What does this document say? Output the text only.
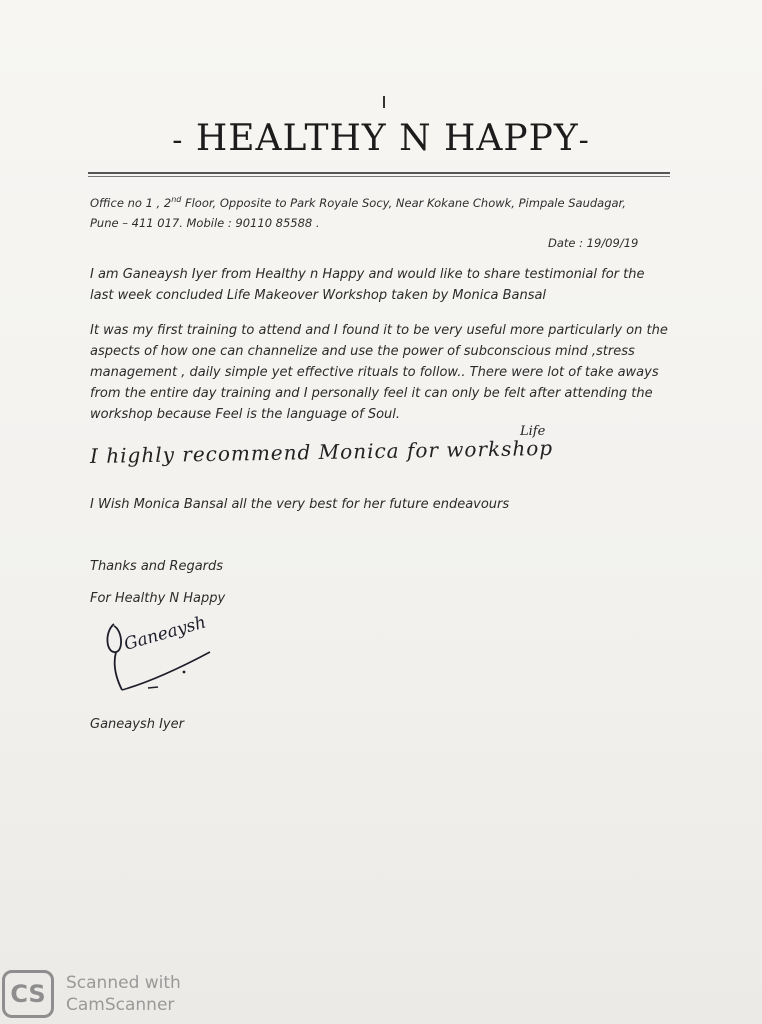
- HEALTHY N HAPPY-
Office no 1 , 2nd Floor, Opposite to Park Royale Socy, Near Kokane Chowk, Pimpale Saudagar,
Pune – 411 017. Mobile : 90110 85588 .
Date : 19/09/19
I am Ganeaysh Iyer from Healthy n Happy and would like to share testimonial for the last week concluded Life Makeover Workshop taken by Monica Bansal
It was my first training to attend and I found it to be very useful more particularly on the aspects of how one can channelize and use the power of subconscious mind ,stress management , daily simple yet effective rituals to follow.. There were lot of take aways from the entire day training and I personally feel it can only be felt after attending the workshop because Feel is the language of Soul.
Life
I highly recommend Monica for workshop
I Wish Monica Bansal all the very best for her future endeavours
Thanks and Regards
For Healthy N Happy
Ganeaysh
Ganeaysh Iyer
CS	Scanned with
CamScanner
